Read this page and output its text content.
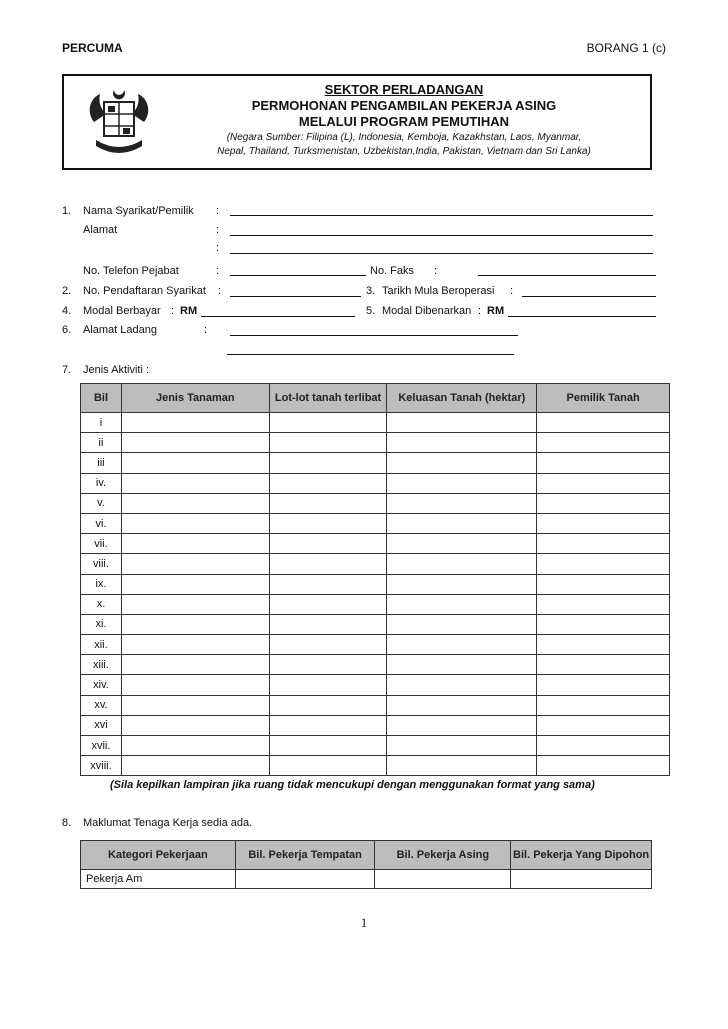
PERCUMA	BORANG 1 (c)
SEKTOR PERLADANGAN
PERMOHONAN PENGAMBILAN PEKERJA ASING
MELALUI PROGRAM PEMUTIHAN
(Negara Sumber: Filipina (L), Indonesia, Kemboja, Kazakhstan, Laos, Myanmar,
Nepal, Thailand, Turksmenistan, Uzbekistan,India, Pakistan, Vietnam dan Sri Lanka)
1. Nama Syarikat/Pemilik :
Alamat	:
:
No. Telefon Pejabat	:	No. Faks :
2. No. Pendaftaran Syarikat :	3. Tarikh Mula Beroperasi :
4. Modal Berbayar : RM	5. Modal Dibenarkan : RM
6. Alamat Ladang	:
7. Jenis Aktiviti :
Bil	Jenis Tanaman	Lot-lot tanah terlibat	Keluasan Tanah (hektar)	Pemilik Tanah
i				
ii				
iii				
iv.				
v.				
vi.				
vii.				
viii.				
ix.				
x.				
xi.				
xii.				
xiii.				
xiv.				
xv.				
xvi				
xvii.				
xviii.				
(Sila kepilkan lampiran jika ruang tidak mencukupi dengan menggunakan format yang sama)
8. Maklumat Tenaga Kerja sedia ada.
Kategori Pekerjaan	Bil. Pekerja Tempatan	Bil. Pekerja Asing	Bil. Pekerja Yang Dipohon
Pekerja Am			
1
